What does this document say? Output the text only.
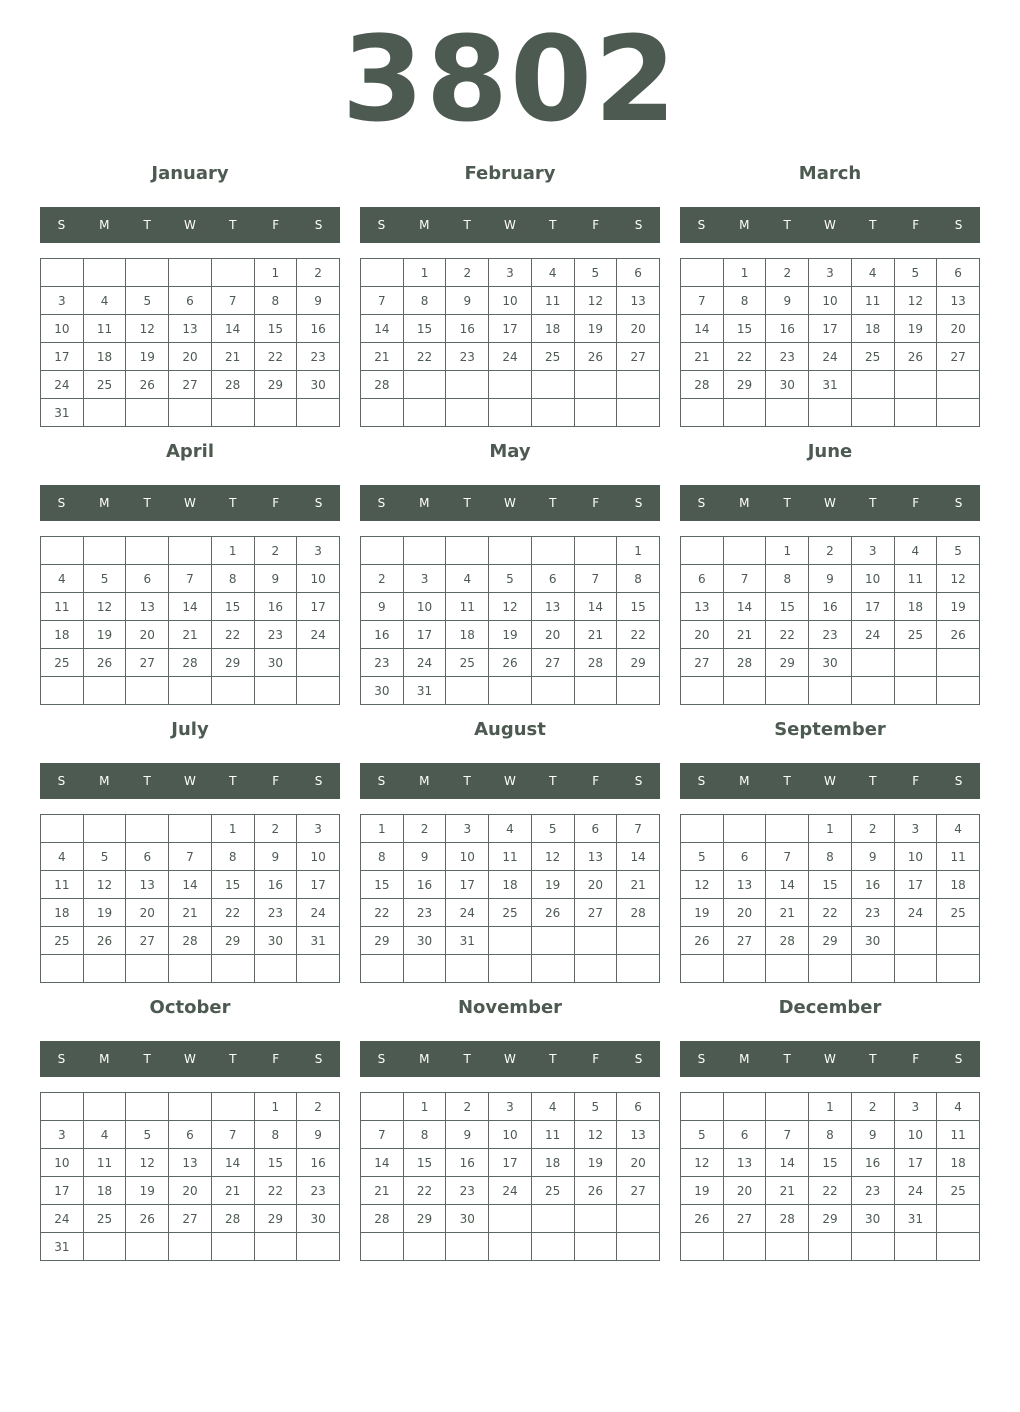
3802
January
S	M	T	W	T	F	S
					1	2
3	4	5	6	7	8	9
10	11	12	13	14	15	16
17	18	19	20	21	22	23
24	25	26	27	28	29	30
31						
February
S	M	T	W	T	F	S
	1	2	3	4	5	6
7	8	9	10	11	12	13
14	15	16	17	18	19	20
21	22	23	24	25	26	27
28						

March
S	M	T	W	T	F	S
	1	2	3	4	5	6
7	8	9	10	11	12	13
14	15	16	17	18	19	20
21	22	23	24	25	26	27
28	29	30	31			

April
S	M	T	W	T	F	S
				1	2	3
4	5	6	7	8	9	10
11	12	13	14	15	16	17
18	19	20	21	22	23	24
25	26	27	28	29	30	

May
S	M	T	W	T	F	S
						1
2	3	4	5	6	7	8
9	10	11	12	13	14	15
16	17	18	19	20	21	22
23	24	25	26	27	28	29
30	31					
June
S	M	T	W	T	F	S
		1	2	3	4	5
6	7	8	9	10	11	12
13	14	15	16	17	18	19
20	21	22	23	24	25	26
27	28	29	30			

July
S	M	T	W	T	F	S
				1	2	3
4	5	6	7	8	9	10
11	12	13	14	15	16	17
18	19	20	21	22	23	24
25	26	27	28	29	30	31

August
S	M	T	W	T	F	S
1	2	3	4	5	6	7
8	9	10	11	12	13	14
15	16	17	18	19	20	21
22	23	24	25	26	27	28
29	30	31				

September
S	M	T	W	T	F	S
			1	2	3	4
5	6	7	8	9	10	11
12	13	14	15	16	17	18
19	20	21	22	23	24	25
26	27	28	29	30		

October
S	M	T	W	T	F	S
					1	2
3	4	5	6	7	8	9
10	11	12	13	14	15	16
17	18	19	20	21	22	23
24	25	26	27	28	29	30
31						
November
S	M	T	W	T	F	S
	1	2	3	4	5	6
7	8	9	10	11	12	13
14	15	16	17	18	19	20
21	22	23	24	25	26	27
28	29	30				

December
S	M	T	W	T	F	S
			1	2	3	4
5	6	7	8	9	10	11
12	13	14	15	16	17	18
19	20	21	22	23	24	25
26	27	28	29	30	31	
